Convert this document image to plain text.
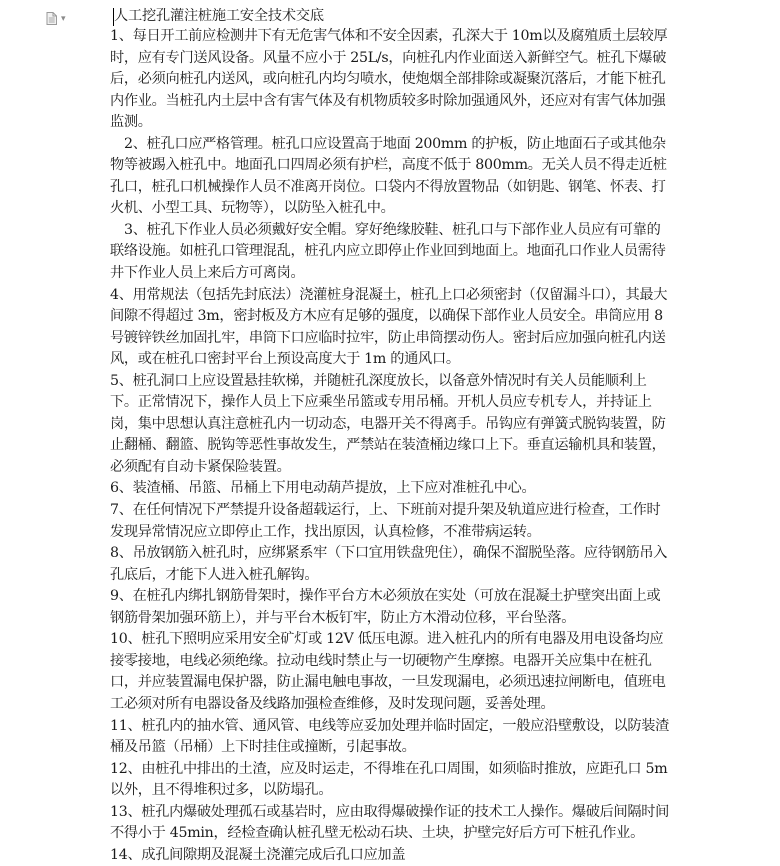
▾	人工挖孔灌注桩施工安全技术交底

1、每日开工前应检测井下有无危害气体和不安全因素，孔深大于 10m以及腐殖质土层较厚时，应有专门送风设备。风量不应小于 25L/s，向桩孔内作业面送入新鲜空气。桩孔下爆破后，必须向桩孔内送风，或向桩孔内均匀喷水，使炮烟全部排除或凝聚沉落后，才能下桩孔内作业。当桩孔内土层中含有害气体及有机物质较多时除加强通风外，还应对有害气体加强监测。

2、桩孔口应严格管理。桩孔口应设置高于地面 200mm 的护板，防止地面石子或其他杂物等被踢入桩孔中。地面孔口四周必须有护栏，高度不低于 800mm。无关人员不得走近桩孔口，桩孔口机械操作人员不准离开岗位。口袋内不得放置物品（如钥匙、钢笔、怀表、打火机、小型工具、玩物等），以防坠入桩孔中。

3、桩孔下作业人员必须戴好安全帽。穿好绝缘胶鞋、桩孔口与下部作业人员应有可靠的联络设施。如桩孔口管理混乱，桩孔内应立即停止作业回到地面上。地面孔口作业人员需待井下作业人员上来后方可离岗。

4、用常规法（包括先封底法）浇灌桩身混凝土，桩孔上口必须密封（仅留漏斗口），其最大间隙不得超过 3m，密封板及方木应有足够的强度，以确保下部作业人员安全。串筒应用 8 号镀锌铁丝加固扎牢，串筒下口应临时拉牢，防止串筒摆动伤人。密封后应加强向桩孔内送风，或在桩孔口密封平台上预设高度大于 1m 的通风口。

5、桩孔洞口上应设置悬挂软梯，并随桩孔深度放长，以备意外情况时有关人员能顺利上下。正常情况下，操作人员上下应乘坐吊篮或专用吊桶。开机人员应专机专人，并持证上岗，集中思想认真注意桩孔内一切动态，电器开关不得离手。吊钩应有弹簧式脱钩装置，防止翻桶、翻篮、脱钩等恶性事故发生，严禁站在装渣桶边缘口上下。垂直运输机具和装置，必须配有自动卡紧保险装置。

6、装渣桶、吊篮、吊桶上下用电动葫芦提放，上下应对准桩孔中心。

7、在任何情况下严禁提升设备超载运行，上、下班前对提升架及轨道应进行检查，工作时发现异常情况应立即停止工作，找出原因，认真检修，不准带病运转。

8、吊放钢筋入桩孔时，应绑紧系牢（下口宜用铁盘兜住），确保不溜脱坠落。应待钢筋吊入孔底后，才能下人进入桩孔解钩。

9、在桩孔内绑扎钢筋骨架时，操作平台方木必须放在实处（可放在混凝土护壁突出面上或钢筋骨架加强环筋上），并与平台木板钉牢，防止方木滑动位移，平台坠落。

10、桩孔下照明应采用安全矿灯或 12V 低压电源。进入桩孔内的所有电器及用电设备均应接零接地，电线必须绝缘。拉动电线时禁止与一切硬物产生摩擦。电器开关应集中在桩孔口，并应装置漏电保护器，防止漏电触电事故，一旦发现漏电，必须迅速拉闸断电，值班电工必须对所有电器设备及线路加强检查维修，及时发现问题，妥善处理。

11、桩孔内的抽水管、通风管、电线等应妥加处理并临时固定，一般应沿壁敷设，以防装渣桶及吊篮（吊桶）上下时挂住或撞断，引起事故。

12、由桩孔中排出的土渣，应及时运走，不得堆在孔口周围，如须临时推放，应距孔口 5m以外，且不得堆积过多，以防塌孔。

13、桩孔内爆破处理孤石或基岩时，应由取得爆破操作证的技术工人操作。爆破后间隔时间不得小于 45min，经检查确认桩孔壁无松动石块、土块，护壁完好后方可下桩孔作业。

14、成孔间隙期及混凝土浇灌完成后孔口应加盖
